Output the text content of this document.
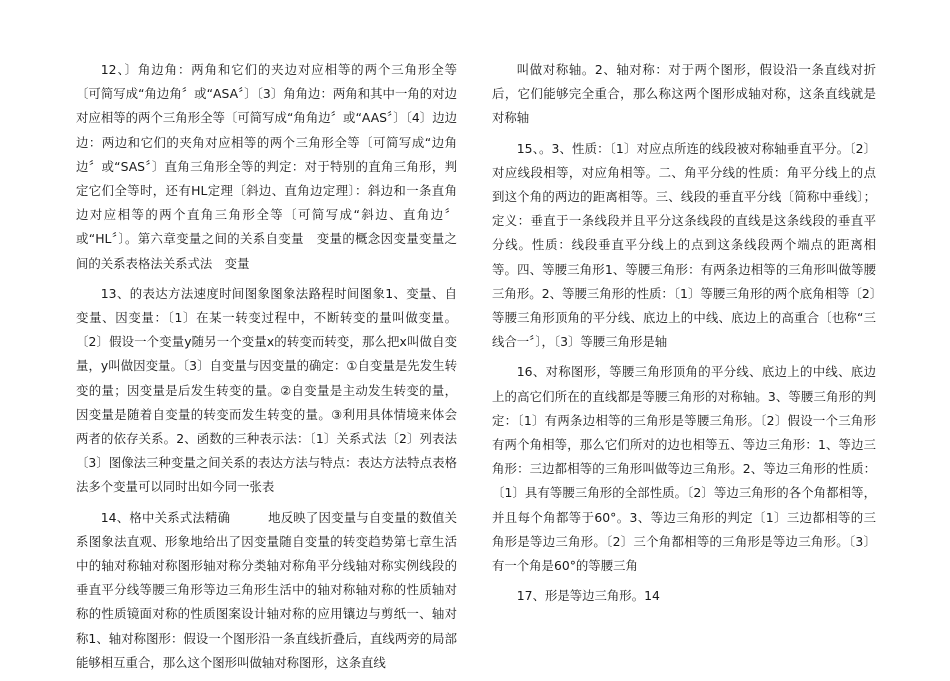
12、〕角边角：两角和它们的夹边对应相等的两个三角形全等〔可简写成“角边角〞或“ASA〞〕〔3〕角角边：两角和其中一角的对边对应相等的两个三角形全等〔可简写成“角角边〞或“AAS〞〕〔4〕边边边：两边和它们的夹角对应相等的两个三角形全等〔可简写成“边角边〞或“SAS〞〕直角三角形全等的判定：对于特别的直角三角形，判定它们全等时，还有HL定理〔斜边、直角边定理〕：斜边和一条直角边对应相等的两个直角三角形全等〔可简写成“斜边、直角边〞或“HL〞〕。第六章变量之间的关系自变量　变量的概念因变量变量之间的关系表格法关系式法　变量

13、的表达方法速度时间图象图象法路程时间图象1、变量、自变量、因变量：〔1〕在某一转变过程中，不断转变的量叫做变量。〔2〕假设一个变量y随另一个变量x的转变而转变，那么把x叫做自变量，y叫做因变量。〔3〕自变量与因变量的确定：①自变量是先发生转变的量；因变量是后发生转变的量。②自变量是主动发生转变的量，因变量是随着自变量的转变而发生转变的量。③利用具体情境来体会两者的依存关系。2、函数的三种表示法：〔1〕关系式法〔2〕列表法〔3〕图像法三种变量之间关系的表达方法与特点：表达方法特点表格法多个变量可以同时出如今同一张表

14、格中关系式法精确　　　地反映了因变量与自变量的数值关系图象法直观、形象地给出了因变量随自变量的转变趋势第七章生活中的轴对称轴对称图形轴对称分类轴对称角平分线轴对称实例线段的垂直平分线等腰三角形等边三角形生活中的轴对称轴对称的性质轴对称的性质镜面对称的性质图案设计轴对称的应用镶边与剪纸一、轴对称1、轴对称图形：假设一个图形沿一条直线折叠后，直线两旁的局部能够相互重合，那么这个图形叫做轴对称图形，这条直线

叫做对称轴。2、轴对称：对于两个图形，假设沿一条直线对折后，它们能够完全重合，那么称这两个图形成轴对称，这条直线就是对称轴

15、。3、性质：〔1〕对应点所连的线段被对称轴垂直平分。〔2〕对应线段相等，对应角相等。二、角平分线的性质：角平分线上的点到这个角的两边的距离相等。三、线段的垂直平分线〔简称中垂线〕；定义：垂直于一条线段并且平分这条线段的直线是这条线段的垂直平分线。性质：线段垂直平分线上的点到这条线段两个端点的距离相等。四、等腰三角形1、等腰三角形：有两条边相等的三角形叫做等腰三角形。2、等腰三角形的性质：〔1〕等腰三角形的两个底角相等〔2〕等腰三角形顶角的平分线、底边上的中线、底边上的高重合〔也称“三线合一〞〕，〔3〕等腰三角形是轴

16、对称图形，等腰三角形顶角的平分线、底边上的中线、底边上的高它们所在的直线都是等腰三角形的对称轴。3、等腰三角形的判定：〔1〕有两条边相等的三角形是等腰三角形。〔2〕假设一个三角形有两个角相等，那么它们所对的边也相等五、等边三角形：1、等边三角形：三边都相等的三角形叫做等边三角形。2、等边三角形的性质：〔1〕具有等腰三角形的全部性质。〔2〕等边三角形的各个角都相等，并且每个角都等于60°。3、等边三角形的判定〔1〕三边都相等的三角形是等边三角形。〔2〕三个角都相等的三角形是等边三角形。〔3〕有一个角是60°的等腰三角

17、形是等边三角形。14
